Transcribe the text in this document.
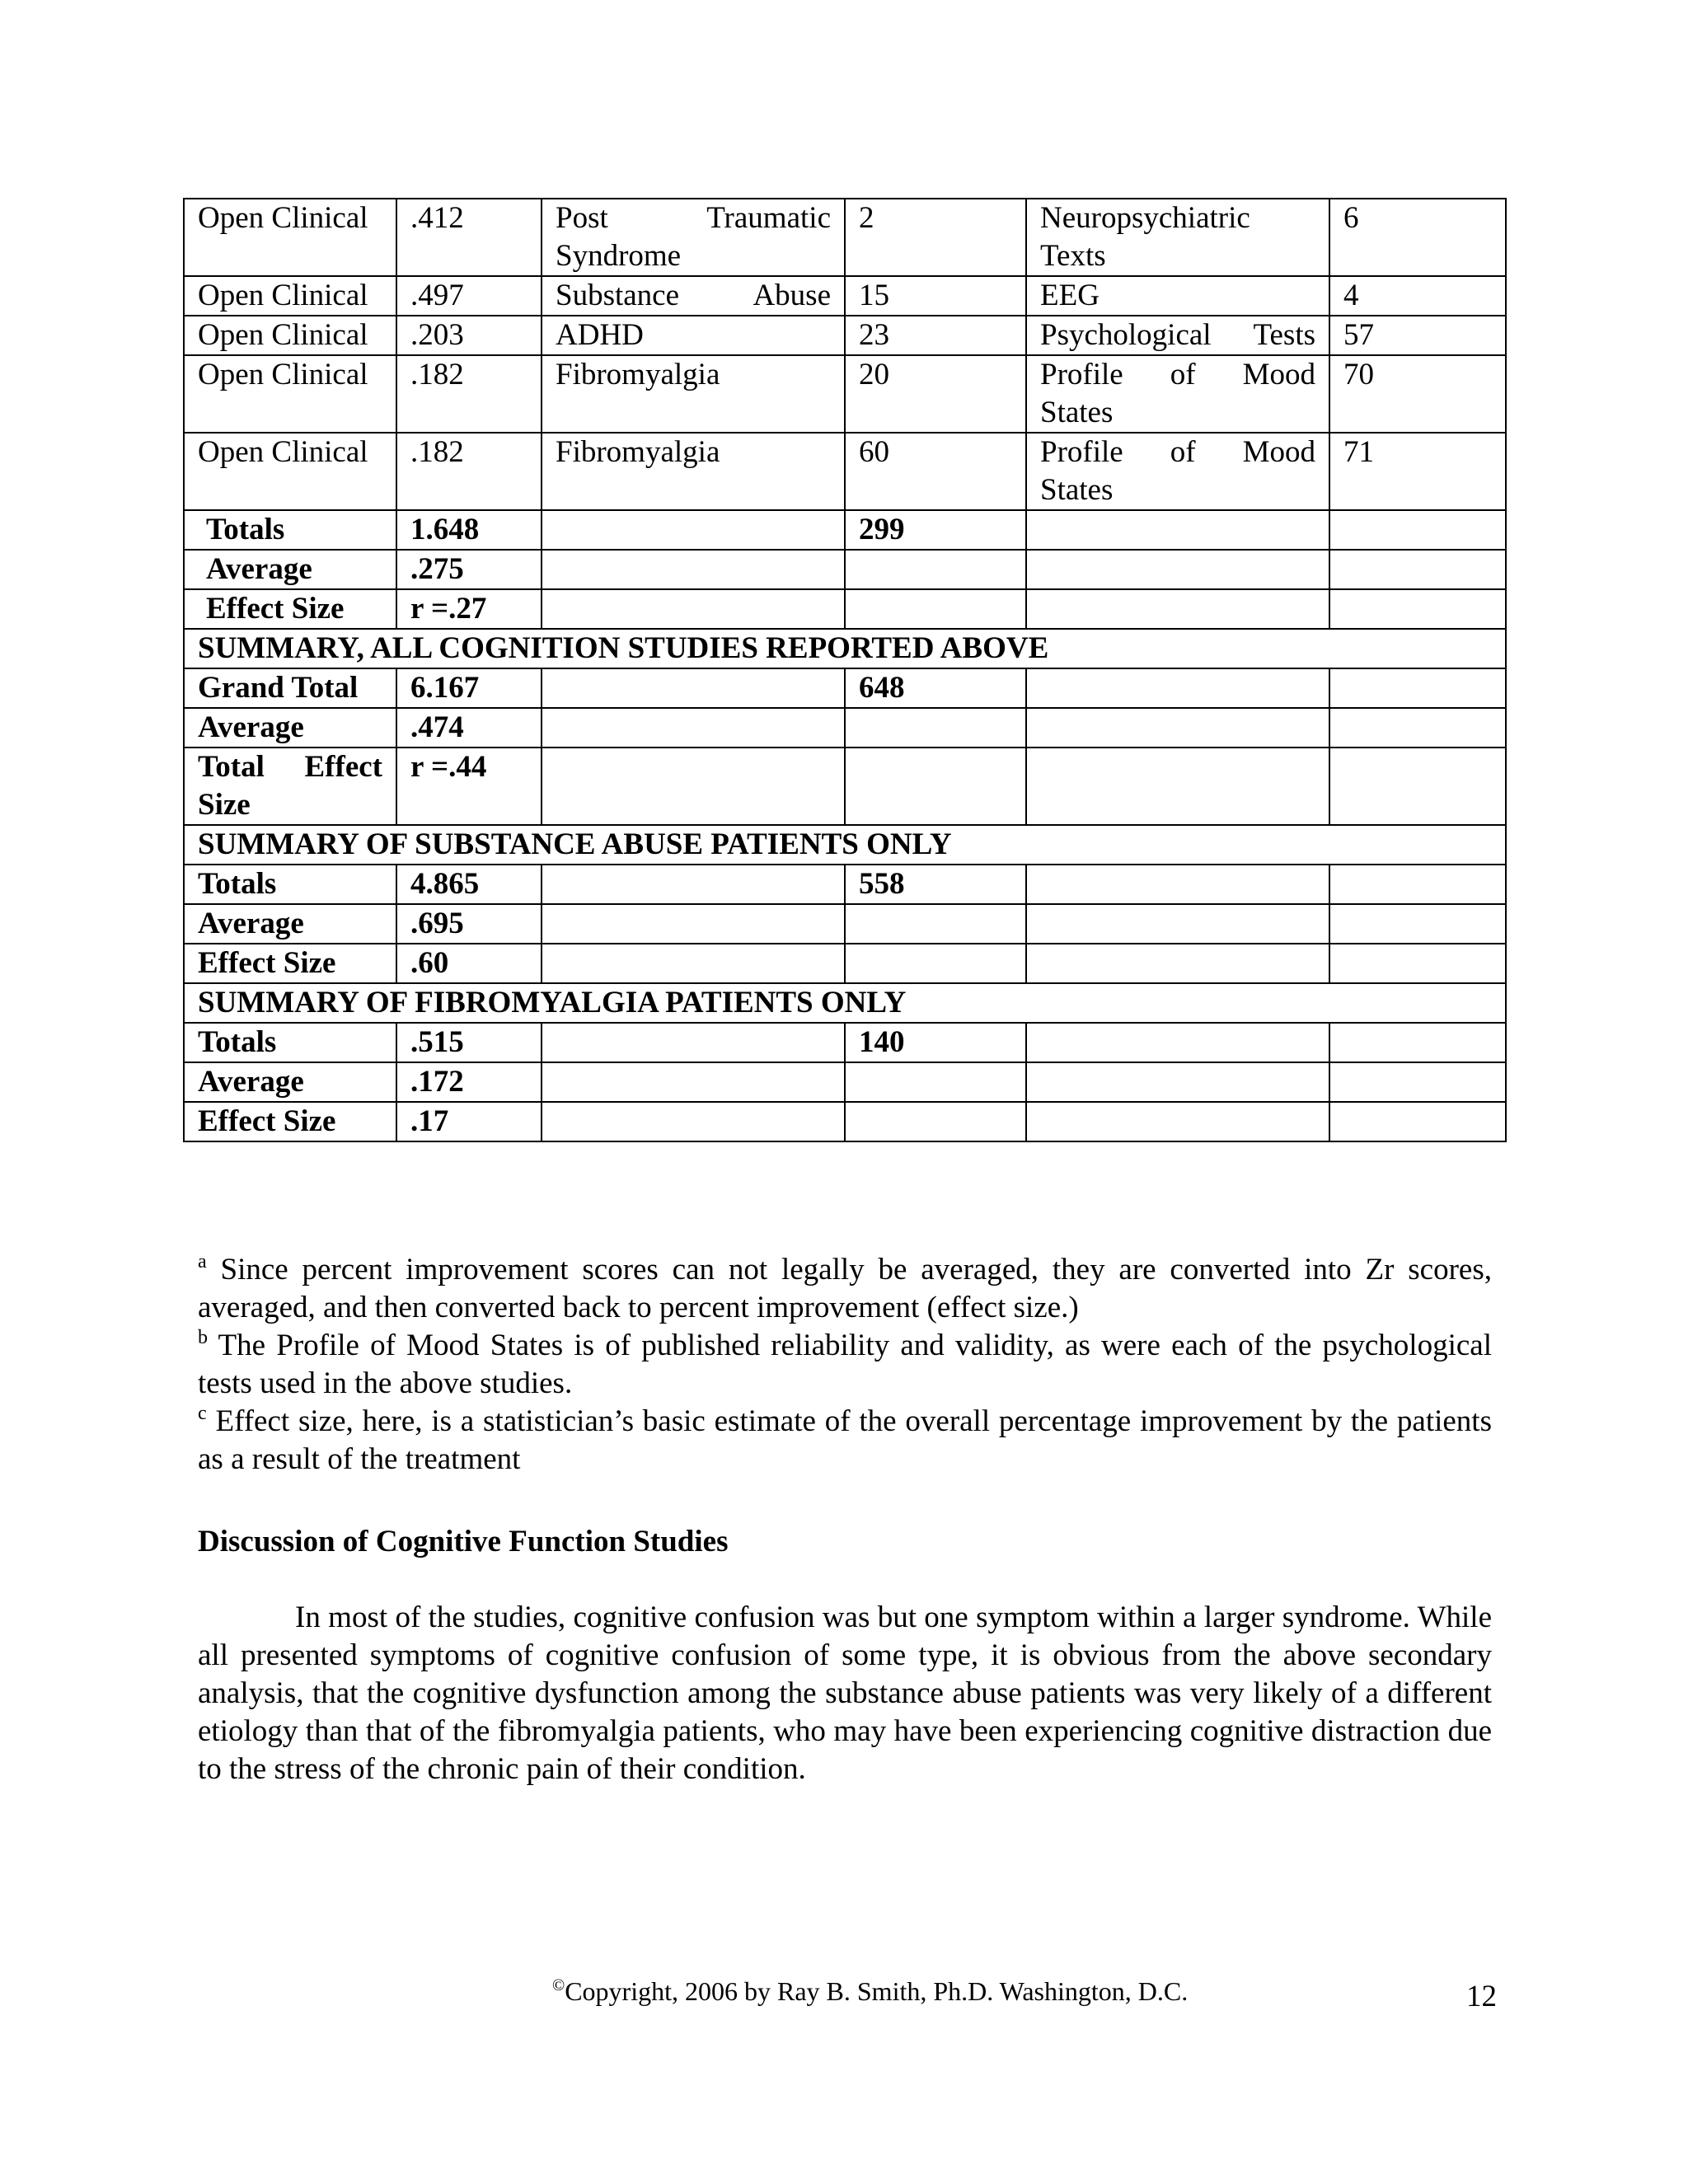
Open Clinical	.412	Post Traumatic Syndrome	2	Neuropsychiatric Texts	6
Open Clinical	.497	Substance Abuse	15	EEG	4
Open Clinical	.203	ADHD	23	Psychological Tests	57
Open Clinical	.182	Fibromyalgia	20	Profile of Mood States	70
Open Clinical	.182	Fibromyalgia	60	Profile of Mood States	71
Totals	1.648		299		
Average	.275				
Effect Size	r =.27				
SUMMARY, ALL COGNITION STUDIES REPORTED ABOVE					
Grand Total	6.167		648		
Average	.474				
Total Effect Size	r =.44				
SUMMARY OF SUBSTANCE ABUSE PATIENTS ONLY					
Totals	4.865		558		
Average	.695				
Effect Size	.60				
SUMMARY OF FIBROMYALGIA PATIENTS ONLY					
Totals	.515		140		
Average	.172				
Effect Size	.17				

$^a$ Since percent improvement scores can not legally be averaged, they are converted into Zr scores, averaged, and then converted back to percent improvement (effect size.)

$^b$ The Profile of Mood States is of published reliability and validity, as were each of the psychological tests used in the above studies.

$^c$ Effect size, here, is a statistician’s basic estimate of the overall percentage improvement by the patients as a result of the treatment

Discussion of Cognitive Function Studies

In most of the studies, cognitive confusion was but one symptom within a larger syndrome. While all presented symptoms of cognitive confusion of some type, it is obvious from the above secondary analysis, that the cognitive dysfunction among the substance abuse patients was very likely of a different etiology than that of the fibromyalgia patients, who may have been experiencing cognitive distraction due to the stress of the chronic pain of their condition.

©Copyright, 2006 by Ray B. Smith, Ph.D. Washington, D.C.	12
